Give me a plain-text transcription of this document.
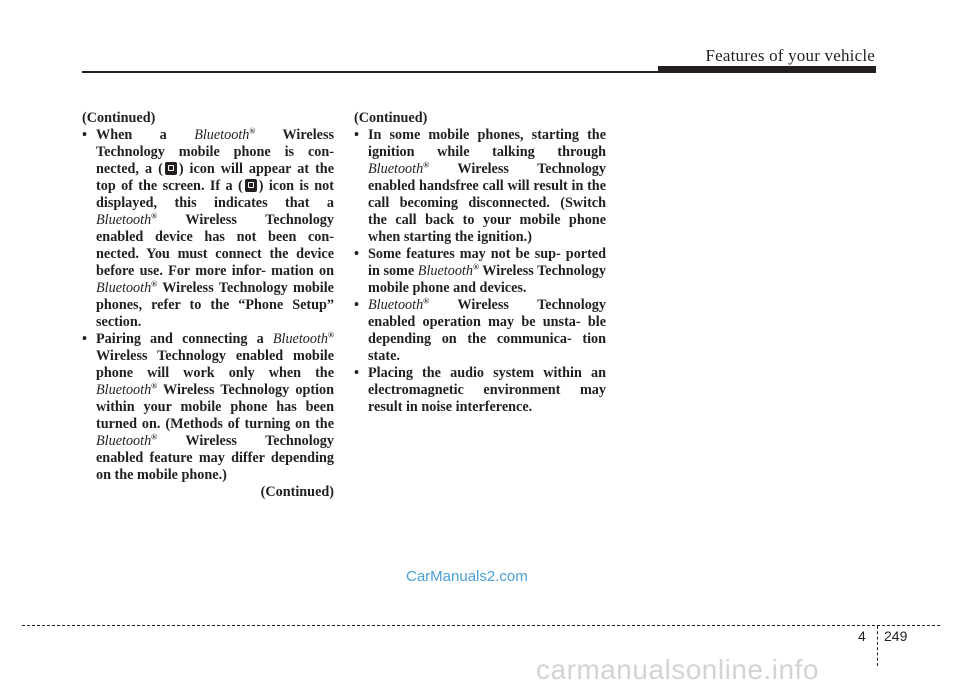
Features of your vehicle

(Continued)

• When a Bluetooth® Wireless Technology mobile phone is con- nected, a ( ) icon will appear at the top of the screen. If a ( ) icon is not displayed, this indicates that a Bluetooth® Wireless Technology enabled device has not been con- nected. You must connect the device before use. For more infor- mation on Bluetooth® Wireless Technology mobile phones, refer to the “Phone Setup” section.

• Pairing and connecting a Bluetooth® Wireless Technology enabled mobile phone will work only when the Bluetooth® Wireless Technology option within your mobile phone has been turned on. (Methods of turning on the Bluetooth® Wireless Technology enabled feature may differ depending on the mobile phone.)

(Continued)

(Continued)

• In some mobile phones, starting the ignition while talking through Bluetooth® Wireless Technology enabled handsfree call will result in the call becoming disconnected. (Switch the call back to your mobile phone when starting the ignition.)

• Some features may not be sup- ported in some Bluetooth® Wireless Technology mobile phone and devices.

• Bluetooth® Wireless Technology enabled operation may be unsta- ble depending on the communica- tion state.

• Placing the audio system within an electromagnetic environment may result in noise interference.

CarManuals2.com
4 249
carmanualsonline.info
